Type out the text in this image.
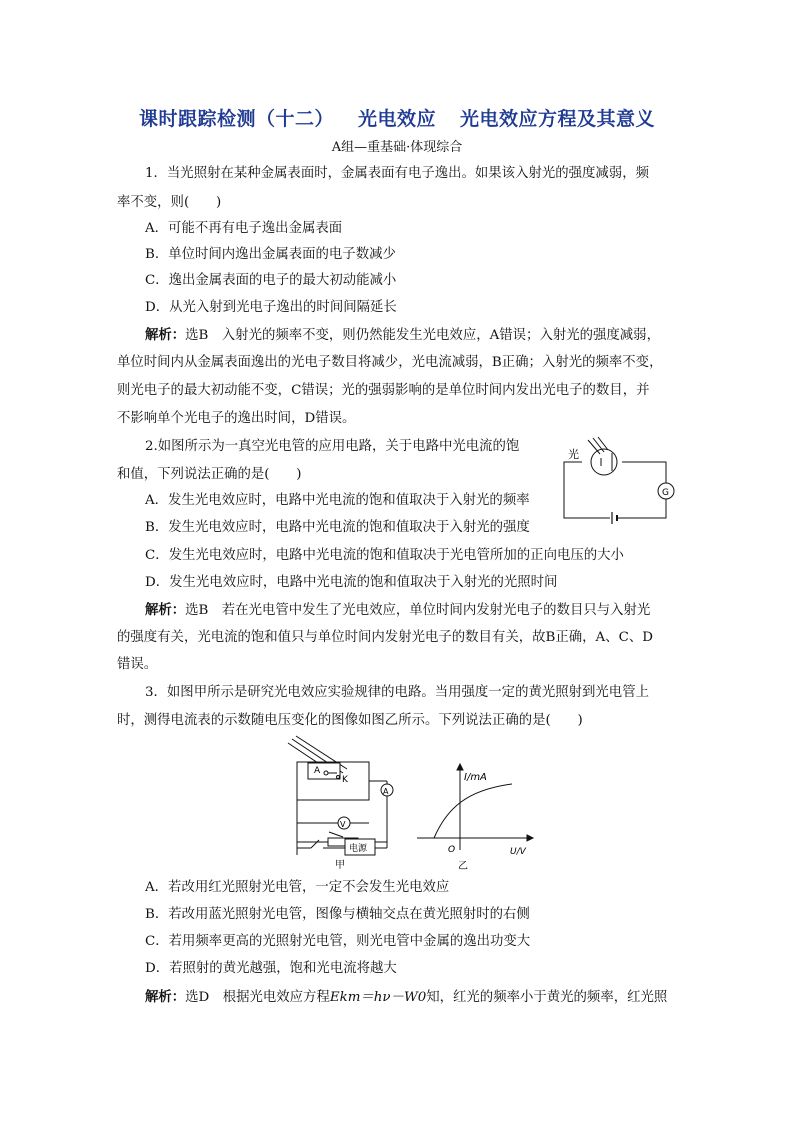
课时跟踪检测（十二） 光电效应 光电效应方程及其意义
A组—重基础·体现综合
1．当光照射在某种金属表面时，金属表面有电子逸出。如果该入射光的强度减弱，频
率不变，则(　　)
A．可能不再有电子逸出金属表面
B．单位时间内逸出金属表面的电子数减少
C．逸出金属表面的电子的最大初动能减小
D．从光入射到光电子逸出的时间间隔延长
解析：选B　入射光的频率不变，则仍然能发生光电效应，A错误；入射光的强度减弱，
单位时间内从金属表面逸出的光电子数目将减少，光电流减弱，B正确；入射光的频率不变，
则光电子的最大初动能不变，C错误；光的强弱影响的是单位时间内发出光电子的数目，并
不影响单个光电子的逸出时间，D错误。
2.如图所示为一真空光电管的应用电路，关于电路中光电流的饱
和值，下列说法正确的是(　　)
A．发生光电效应时，电路中光电流的饱和值取决于入射光的频率
B．发生光电效应时，电路中光电流的饱和值取决于入射光的强度
C．发生光电效应时，电路中光电流的饱和值取决于光电管所加的正向电压的大小
D．发生光电效应时，电路中光电流的饱和值取决于入射光的光照时间
光
G
解析：选B　若在光电管中发生了光电效应，单位时间内发射光电子的数目只与入射光
的强度有关，光电流的饱和值只与单位时间内发射光电子的数目有关，故B正确，A、C、D
错误。
3．如图甲所示是研究光电效应实验规律的电路。当用强度一定的黄光照射到光电管上
时，测得电流表的示数随电压变化的图像如图乙所示。下列说法正确的是(　　)
A
K
A
V
电源
甲
I/mA
O	U/V
乙
A．若改用红光照射光电管，一定不会发生光电效应
B．若改用蓝光照射光电管，图像与横轴交点在黄光照射时的右侧
C．若用频率更高的光照射光电管，则光电管中金属的逸出功变大
D．若照射的黄光越强，饱和光电流将越大
解析：选D　根据光电效应方程Ekm＝hν－W0知，红光的频率小于黄光的频率，红光照
